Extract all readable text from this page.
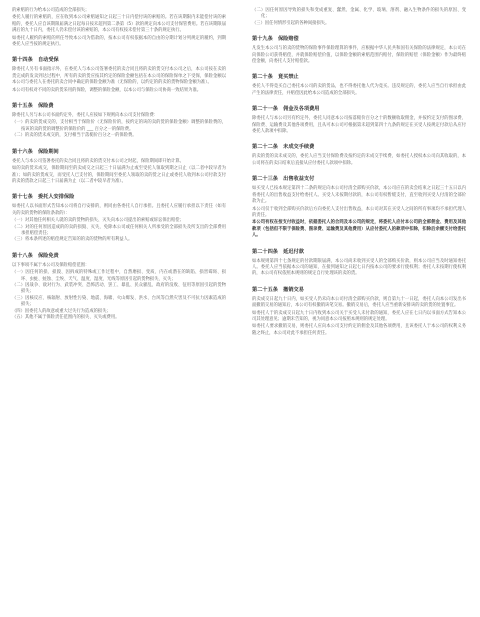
的索赔的行为给本公司造成的全部损失；

委托人履行的索赔的，应在收到本公司索赔通知之日起三十日内偿付该的索赔的。若在该期限内未能偿付该的索赔的，委托人应自该期限届满之日起每日按未超到第二条第（5）款的规定向本公司支付保管费用。若在该期限届满后的九十日内，委托人仍未偿付该的索赔的，本公司有权按未偿付第三十条的规定执行。

如委托人履约的索赔的所任导致本公司为借款的，按本公司有权依据本的自由的分期计划分列规定的履约，到期委托人应当按的规定执行。

第十四条　自动受保

除委托人另有书面指示外，在委托人与本公司签署委托的卖合同且将的卖的货交付本公司之后，本公司按在卖的货完成的发卖到达过程中，所有的卖的货应按其约定的保险金额包括在本公司的保险保单之下受保，保险金额以本公司与委托人在委托的卖合同中确定的保险金额为准（无保险的，以约定的的卖的货物保险金额为准）。

本公司有权对不同的卖的货采用的保险，调整的保险金额，以本公司与保险公司协商一致结果为准。

第十五条　保险费

除委托人另与本公司书面约定外，委托人应按如下规则向本公司支付保险费：

（一）的卖的货成交的，支付相当于保险价（无保险价的，按约定的该的卖的货的保险金额）调整的保险费的，按该的卖的货的调整价的保险价的 ___ 百分之一的保险费。

（二）的卖的货未成交的，支付相当于落槌价百分之一的保险费。

第十六条　保险期间

委托人与本公司签署委托的卖合同且将的卖的货交付本公司之时起，保险期间即开始计算。

如的卖的货未成交，保险期间至的卖成交之日起三十日届满为止或至受托人领取到期之日止（以二者中较早者为准）；如的卖的货成交，而受托人已支付的，保险期间至委托人领取的卖的货之日止或委托人收到本公司付款支付的卖的货款之日起三十日届满为止（以二者中较早者为准）。

第十七条　委托人安排保险

如委托人以书面形式告知本公司将自行安排的，则同由各委托人自行承担。且委托人应履行承担以下责任（如有关的卖的货物的保险条款的）：

（一）对其他任何相关人就的卖的货物的损失、灭失向本公司提出的索赔或诉讼保出赔偿；

（二）对的任何原因造成的的卖的损毁、灭失，免除本公司或任何相关人所承受的全部损失及所支出的全部费用承担赔偿责任；

（三）将本条所述的赔偿规定告知的的卖的货物的所有利益人。

第十八条　保险免责

以下事项不属于本公司及保险赔偿范围：

（一）因任何的损、损毁、因拆成的特殊或工作过程中，自然磨损、变质、内在或潜在的缺陷、损害霉斑、损坏、虫蛀、蛀蚀、尘埃、天气、温度、湿度、光线等原因引起的货物损失、灭失；

（二）因战争、敌对行为、武装冲突、恐怖活动、罢工、暴乱、民众骚乱、政府的没收、征用等原因引起的货物损失；

（三）因核反应、核辐射、放射性污染、地震、海啸、火山爆发、洪水、台风等自然灾害及不可抗力因素造成的损失；

（四）因委托人的故意或重大过失行为造成的损失；

（五）其他不属于保险责任范围内的损失、灭失或费用。

（二）因任何原因导致的损失和变成重复、蠢然、金属、化学、玻璃、溶剂、融入生物条件的损失的原因、变化；

（三）因任何情形引起的各种间接损失。

第十九条　保险赔偿

凡发生本公司与的卖的货物的保险事件保险理算的事件，应根据中华人民共和国有关保险的法律规定，本公司在向保险公司获得赔偿，并就保险赔偿价值，以保险金额的索赔范围内赔付，保险的赔偿（保险金额）作为最终赔偿金额，向委托人支付赔偿款。

第二十条　竟买禁止

委托人不得竟买自己委托本公司的卖的货品，也不得委托他人代为竟买。违反规定的，委托人应当自行承担由此产生的法律责任，并赔偿因此给本公司造成的全部损失。

第二十一条　佣金及各项费用

除委托人与本公司另有约定外，委托人同意本公司按落槌价百分之十的数额收取佣金，并按约定支付的图录费、保险费、运输费及其他各项费用，且从可本公司可根据第未超到第四十九条的规定在买受人按规定付款后从应付委托人款项中扣除。

第二十二条　未成交手续费

的卖的货的卖未成交的，委托人应当支付保险费及按约定的未成交手续费，如委托人授权本公司向其收取的，本公司将在的卖日结束后直接从应付委托人款项中扣除。

第二十三条　出售收益支付

如买受人已按本规定第四十二条的规定向本公司付清全部购买价款，本公司应在的卖会结束之日起三十五日以内将委托人的出售收益支付给委托人。买受人未按期付款的，本公司有权暂缓支付，直至收到买受人付清的全部价款为止。

本公司仅于收到全部购买价款后方向委托人支付出售收益，本公司对其在买受人之间的所有事项均不承担代理人的责任。

本公司有权在按支付收益时，依据委托人的合同及本公司的规定，将委托人应付本公司的全部佣金、费用及其他款项（包括但不限于保险费、图录费、运输费及其他费用）从应付委托人的款项中扣除，扣除后余额支付给委托人。

第二十四条　延迟付款

如本规则第四十七条规定的付款期限届满，本公司尚未收到买受人的全部购买价款，则本公司应当及时通知委托人。委托人应当依据本公司的通知，在接到通知之日起七日内按本公司的要求行使权利；委托人未按期行使权利的，本公司有权依照本规则的规定自行处理该的卖的货。

第二十五条　撤销交易

的卖成交日起九十日内，如买受人仍未向本公司付清全部购买价款，则自第九十一日起，委托人向本公司发出书面撤销交易的通知后，本公司有权撤销该笔交易。撤销交易后，委托人应当重新安排该的卖的货的处置事宜。

如委托人于的卖成交日起九十日内收到本公司关于买受人未付款的通知，委托人应在七日内以书面方式告知本公司其处理意见；逾期未告知的，视为同意本公司按照本规则的规定处理。

如委托人要求撤销交易，则委托人应向本公司支付约定的佣金及其他各项费用，且该委托人于本公司的权利义务随之终止，本公司对此不承担任何责任。
